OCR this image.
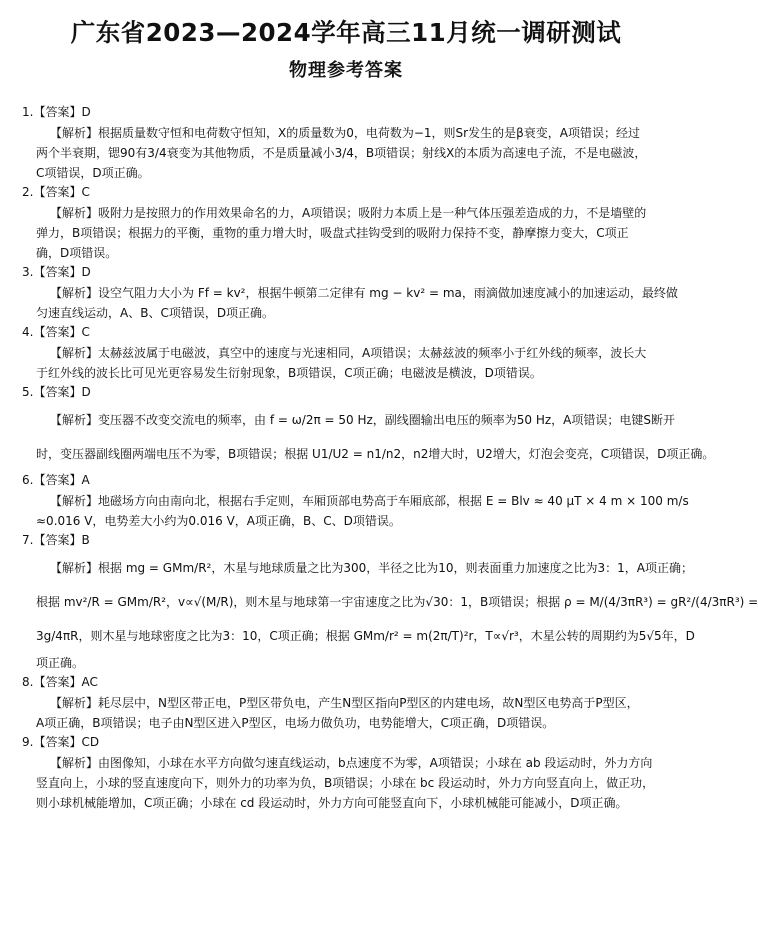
广东省2023—2024学年高三11月统一调研测试
物理参考答案
1.【答案】D
【解析】根据质量数守恒和电荷数守恒知，X的质量数为0，电荷数为−1，则Sr发生的是β衰变，A项错误；经过
两个半衰期，锶90有3/4衰变为其他物质，不是质量减小3/4，B项错误；射线X的本质为高速电子流，不是电磁波，
C项错误，D项正确。
2.【答案】C
【解析】吸附力是按照力的作用效果命名的力，A项错误；吸附力本质上是一种气体压强差造成的力，不是墙壁的
弹力，B项错误；根据力的平衡，重物的重力增大时，吸盘式挂钩受到的吸附力保持不变，静摩擦力变大，C项正
确，D项错误。
3.【答案】D
【解析】设空气阻力大小为 Ff = kv²，根据牛顿第二定律有 mg − kv² = ma，雨滴做加速度减小的加速运动，最终做
匀速直线运动，A、B、C项错误，D项正确。
4.【答案】C
【解析】太赫兹波属于电磁波，真空中的速度与光速相同，A项错误；太赫兹波的频率小于红外线的频率，波长大
于红外线的波长比可见光更容易发生衍射现象，B项错误，C项正确；电磁波是横波，D项错误。
5.【答案】D
【解析】变压器不改变交流电的频率，由 f = ω/2π = 50 Hz，副线圈输出电压的频率为50 Hz，A项错误；电键S断开
时，变压器副线圈两端电压不为零，B项错误；根据 U1/U2 = n1/n2，n2增大时，U2增大，灯泡会变亮，C项错误，D项正确。
6.【答案】A
【解析】地磁场方向由南向北，根据右手定则，车厢顶部电势高于车厢底部，根据 E = Blv ≈ 40 μT × 4 m × 100 m/s
≈0.016 V，电势差大小约为0.016 V，A项正确，B、C、D项错误。
7.【答案】B
【解析】根据 mg = GMm/R²，木星与地球质量之比为300，半径之比为10，则表面重力加速度之比为3：1，A项正确；
根据 mv²/R = GMm/R²，v∝√(M/R)，则木星与地球第一宇宙速度之比为√30：1，B项错误；根据 ρ = M/(4/3πR³) = gR²/(4/3πR³) =
3g/4πR，则木星与地球密度之比为3：10，C项正确；根据 GMm/r² = m(2π/T)²r，T∝√r³，木星公转的周期约为5√5年，D
项正确。
8.【答案】AC
【解析】耗尽层中，N型区带正电，P型区带负电，产生N型区指向P型区的内建电场，故N型区电势高于P型区，
A项正确，B项错误；电子由N型区进入P型区，电场力做负功，电势能增大，C项正确，D项错误。
9.【答案】CD
【解析】由图像知，小球在水平方向做匀速直线运动，b点速度不为零，A项错误；小球在 ab 段运动时，外力方向
竖直向上，小球的竖直速度向下，则外力的功率为负，B项错误；小球在 bc 段运动时，外力方向竖直向上，做正功，
则小球机械能增加，C项正确；小球在 cd 段运动时，外力方向可能竖直向下，小球机械能可能减小，D项正确。
